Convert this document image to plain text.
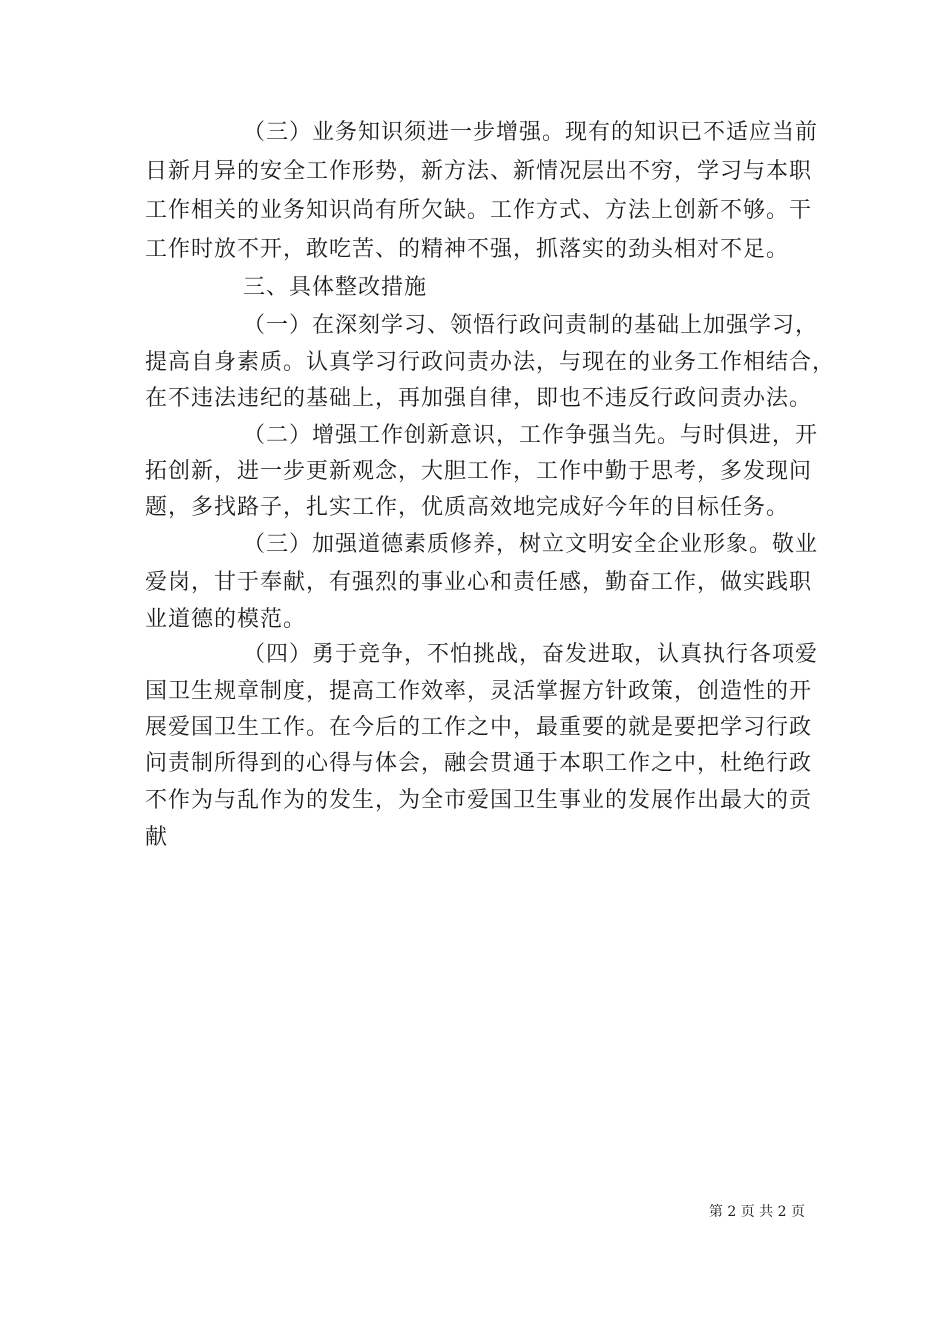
（三）业务知识须进一步增强。现有的知识已不适应当前
日新月异的安全工作形势，新方法、新情况层出不穷，学习与本职
工作相关的业务知识尚有所欠缺。工作方式、方法上创新不够。干
工作时放不开，敢吃苦、的精神不强，抓落实的劲头相对不足。
三、具体整改措施
（一）在深刻学习、领悟行政问责制的基础上加强学习，
提高自身素质。认真学习行政问责办法，与现在的业务工作相结合，
在不违法违纪的基础上，再加强自律，即也不违反行政问责办法。
（二）增强工作创新意识，工作争强当先。与时俱进，开
拓创新，进一步更新观念，大胆工作，工作中勤于思考，多发现问
题，多找路子，扎实工作，优质高效地完成好今年的目标任务。
（三）加强道德素质修养，树立文明安全企业形象。敬业
爱岗，甘于奉献，有强烈的事业心和责任感，勤奋工作，做实践职
业道德的模范。
（四）勇于竞争，不怕挑战，奋发进取，认真执行各项爱
国卫生规章制度，提高工作效率，灵活掌握方针政策，创造性的开
展爱国卫生工作。在今后的工作之中，最重要的就是要把学习行政
问责制所得到的心得与体会，融会贯通于本职工作之中，杜绝行政
不作为与乱作为的发生，为全市爱国卫生事业的发展作出最大的贡
献
第 2 页 共 2 页
